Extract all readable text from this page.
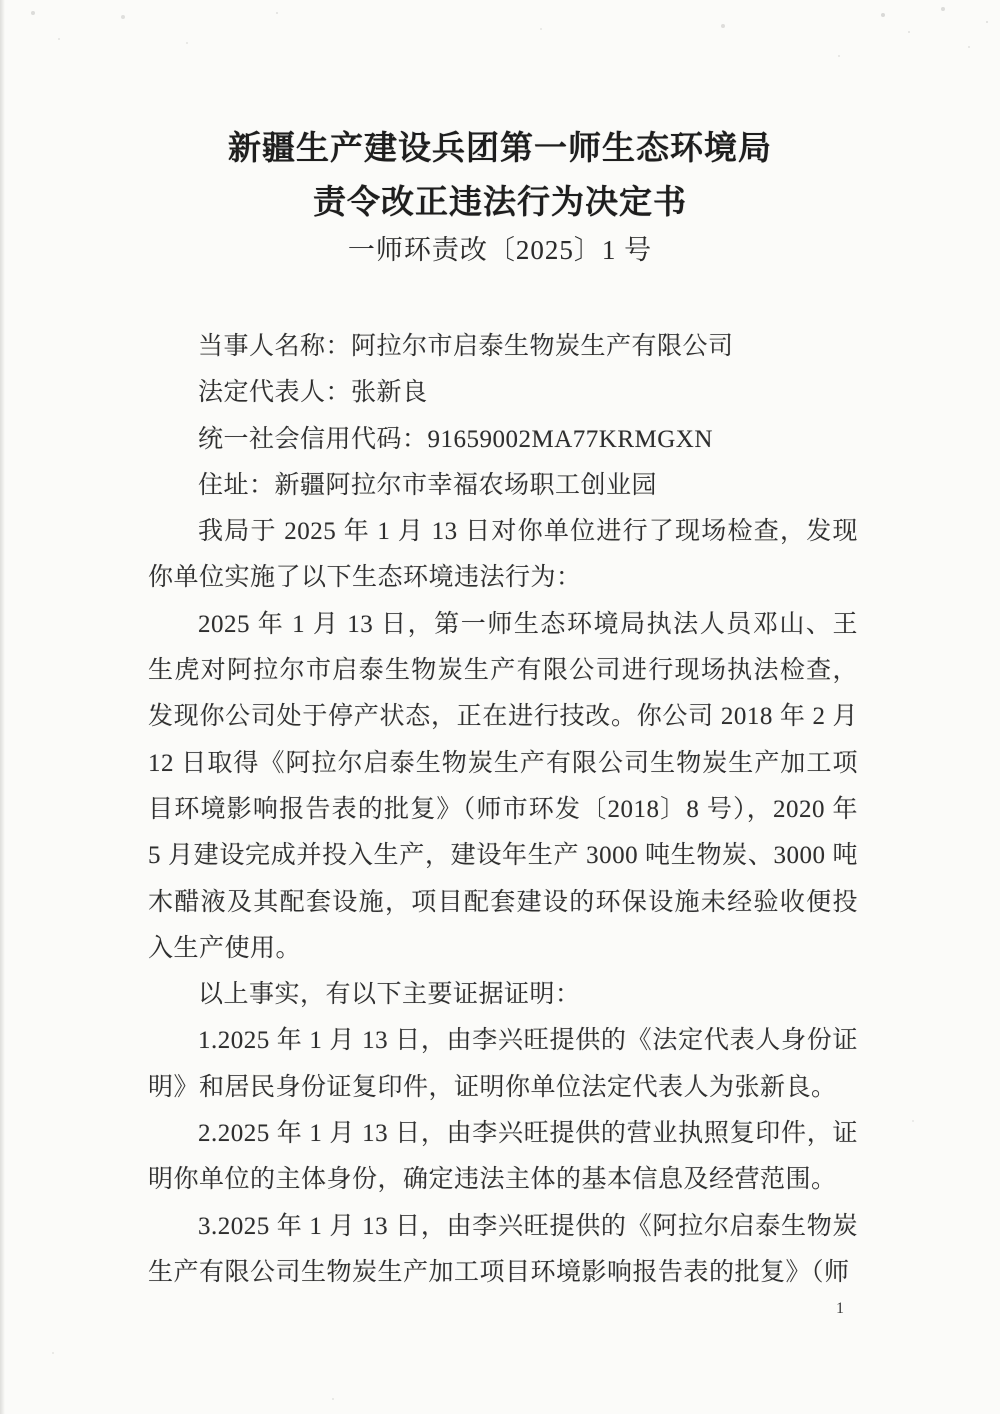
新疆生产建设兵团第一师生态环境局
责令改正违法行为决定书
一师环责改〔2025〕1 号

当事人名称：阿拉尔市启泰生物炭生产有限公司

法定代表人：张新良

统一社会信用代码：91659002MA77KRMGXN

住址：新疆阿拉尔市幸福农场职工创业园

我局于 2025 年 1 月 13 日对你单位进行了现场检查，发现你单位实施了以下生态环境违法行为：

2025 年 1 月 13 日，第一师生态环境局执法人员邓山、王生虎对阿拉尔市启泰生物炭生产有限公司进行现场执法检查，发现你公司处于停产状态，正在进行技改。你公司 2018 年 2 月 12 日取得《阿拉尔启泰生物炭生产有限公司生物炭生产加工项目环境影响报告表的批复》（师市环发〔2018〕8 号），2020 年 5 月建设完成并投入生产，建设年生产 3000 吨生物炭、3000 吨木醋液及其配套设施，项目配套建设的环保设施未经验收便投入生产使用。

以上事实，有以下主要证据证明：

1.2025 年 1 月 13 日，由李兴旺提供的《法定代表人身份证明》和居民身份证复印件，证明你单位法定代表人为张新良。

2.2025 年 1 月 13 日，由李兴旺提供的营业执照复印件，证明你单位的主体身份，确定违法主体的基本信息及经营范围。

3.2025 年 1 月 13 日，由李兴旺提供的《阿拉尔启泰生物炭生产有限公司生物炭生产加工项目环境影响报告表的批复》（师

1
